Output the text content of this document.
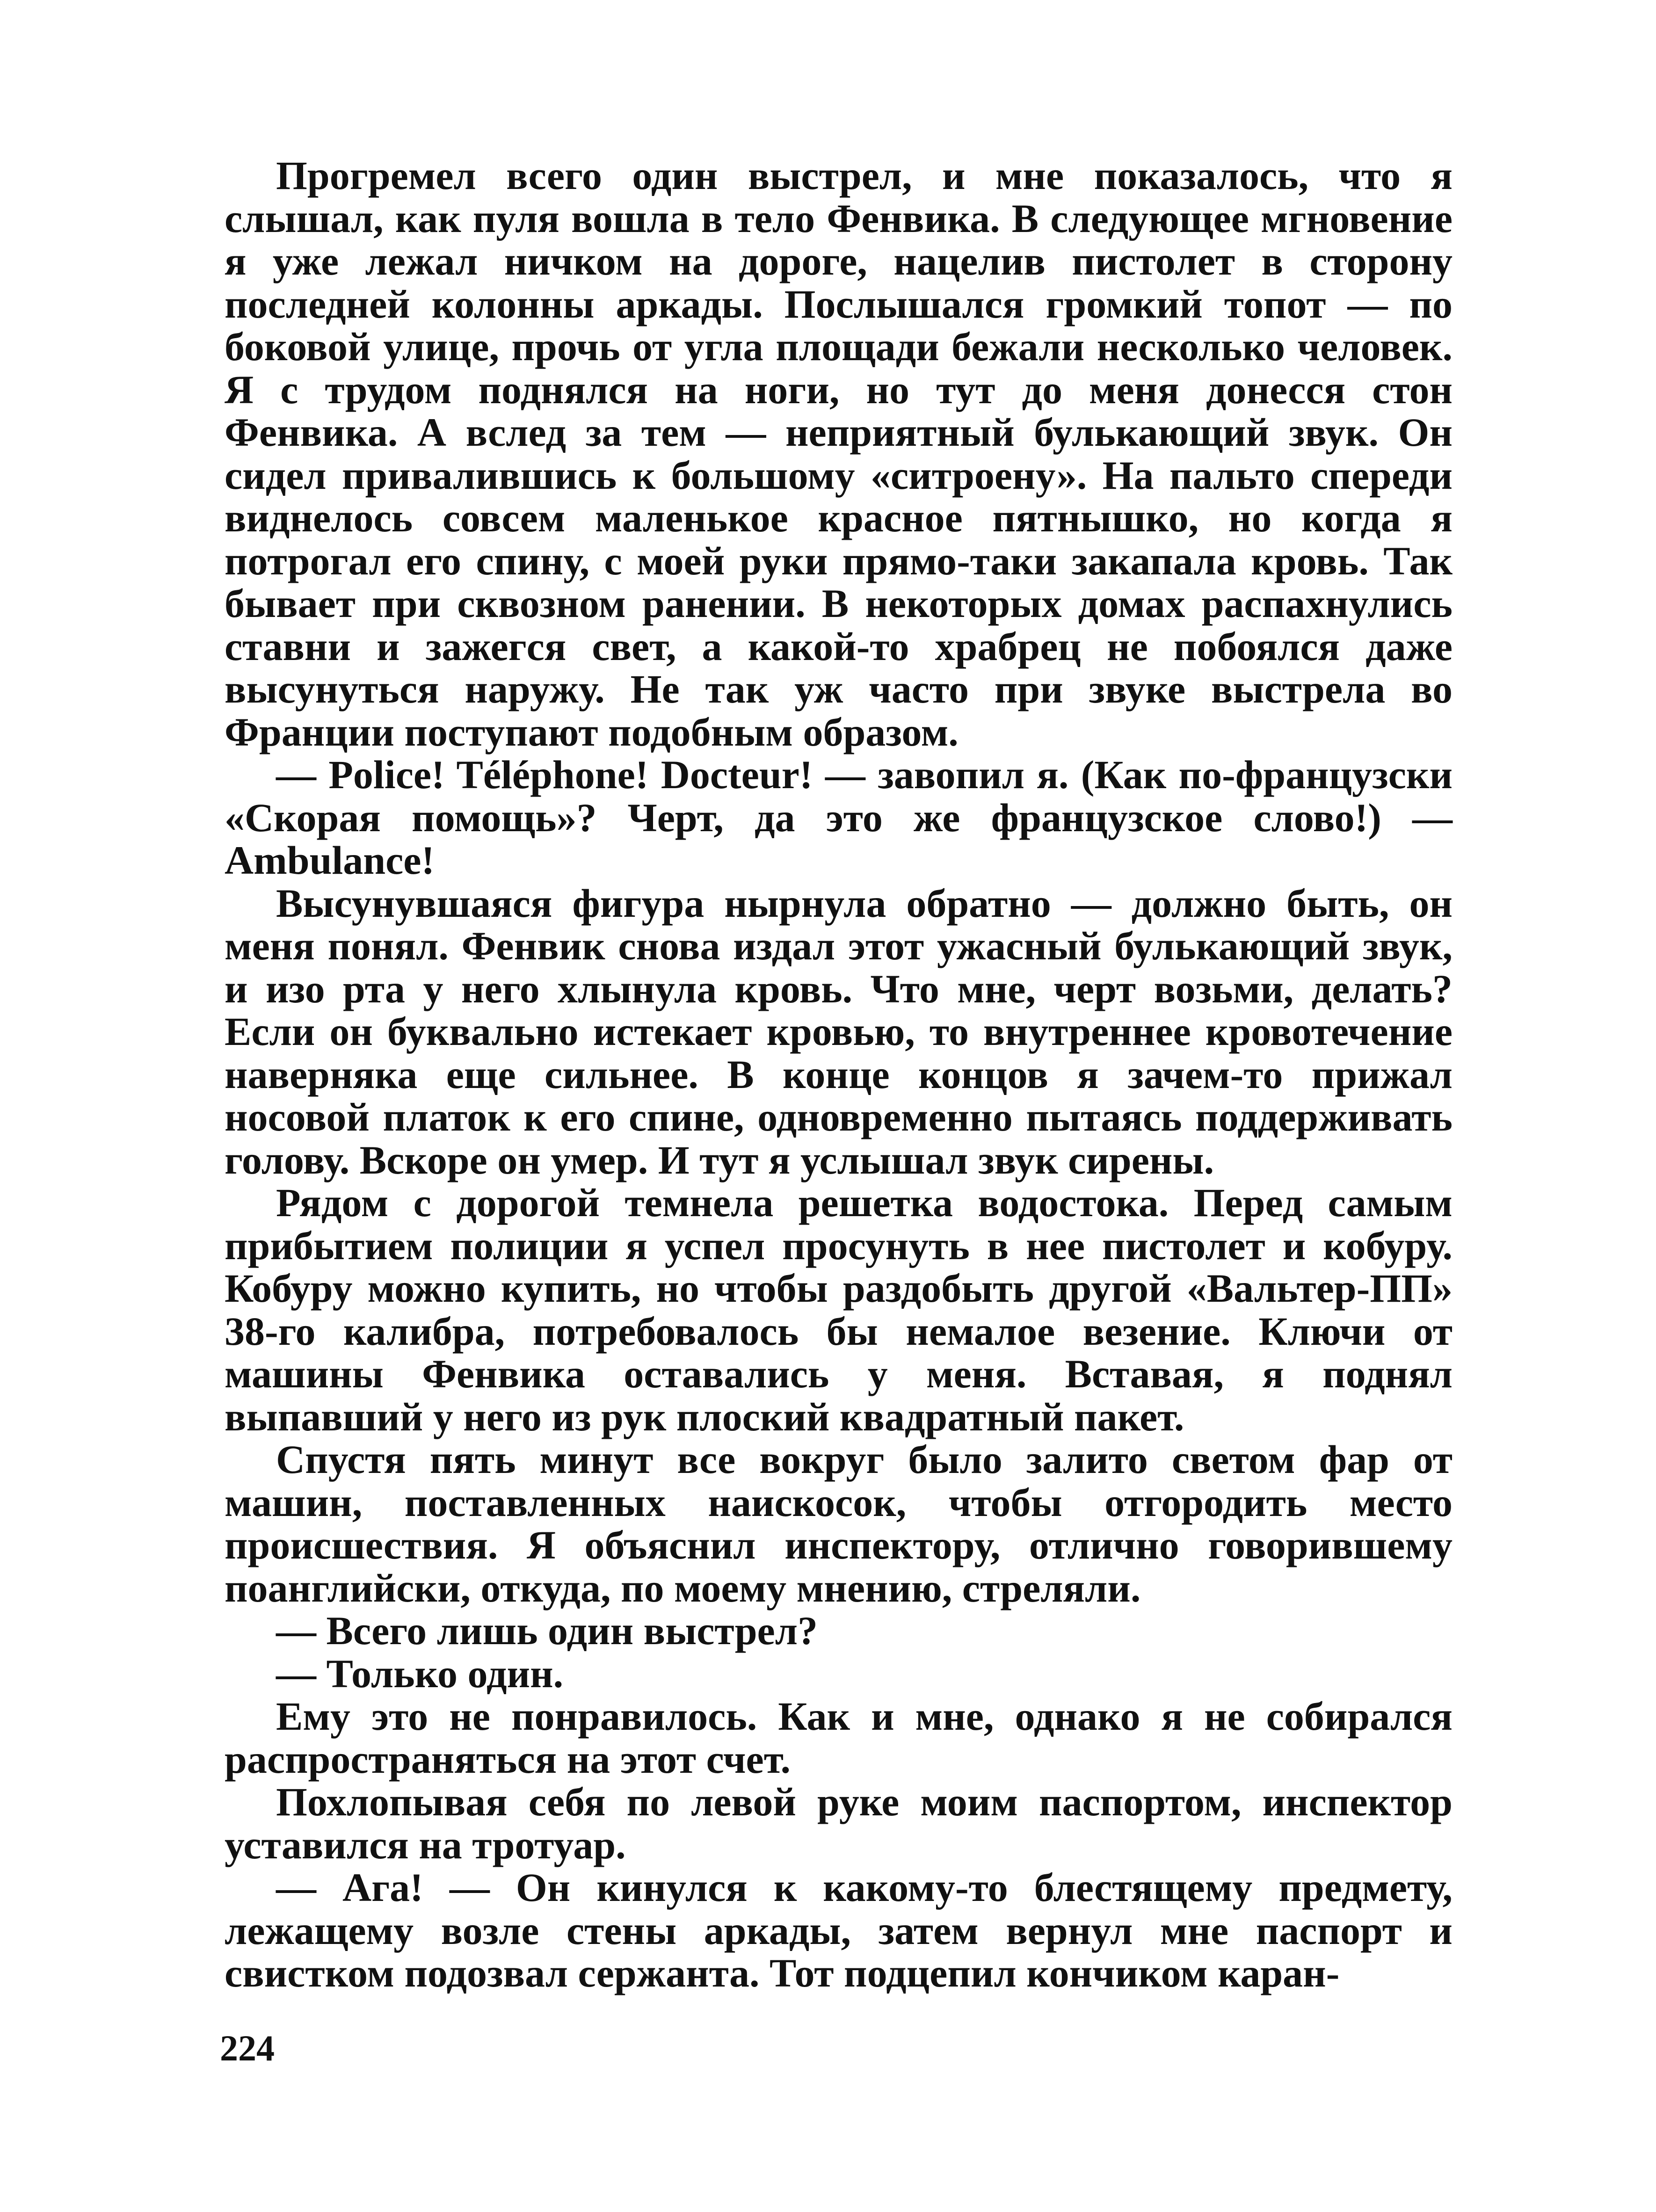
Прогремел всего один выстрел, и мне показалось, что я слышал, как пуля вошла в тело Фенвика. В следующее мгновение я уже лежал ничком на дороге, нацелив пистолет в сторону последней колонны аркады. Послышался громкий топот — по боковой улице, прочь от угла площади бежали несколько человек. Я с трудом поднялся на ноги, но тут до меня донесся стон Фенвика. А вслед за тем — неприятный булькающий звук. Он сидел привалившись к большому «ситроену». На пальто спереди виднелось совсем маленькое красное пятнышко, но когда я потрогал его спину, с моей руки прямо-таки закапала кровь. Так бывает при сквозном ранении. В некоторых домах распахнулись ставни и зажегся свет, а какой-то храбрец не побоялся даже высунуться наружу. Не так уж часто при звуке выстрела во Франции поступают подобным образом.

— Police! Téléphone! Docteur! — завопил я. (Как по-французски «Скорая помощь»? Черт, да это же французское слово!) — Ambulance!

Высунувшаяся фигура нырнула обратно — должно быть, он меня понял. Фенвик снова издал этот ужасный булькающий звук, и изо рта у него хлынула кровь. Что мне, черт возьми, делать? Если он буквально истекает кровью, то внутреннее кровотечение наверняка еще сильнее. В конце концов я зачем-то прижал носовой платок к его спине, одновременно пытаясь поддерживать голову. Вскоре он умер. И тут я услышал звук сирены.

Рядом с дорогой темнела решетка водостока. Перед самым прибытием полиции я успел просунуть в нее пистолет и кобуру. Кобуру можно купить, но чтобы раздобыть другой «Вальтер-ПП» 38-го калибра, потребовалось бы немалое везение. Ключи от машины Фенвика оставались у меня. Вставая, я поднял выпавший у него из рук плоский квадратный пакет.

Спустя пять минут все вокруг было залито светом фар от машин, поставленных наискосок, чтобы отгородить место происшествия. Я объяснил инспектору, отлично говорившему поанглийски, откуда, по моему мнению, стреляли.

— Всего лишь один выстрел?

— Только один.

Ему это не понравилось. Как и мне, однако я не собирался распространяться на этот счет.

Похлопывая себя по левой руке моим паспортом, инспектор уставился на тротуар.

— Ага! — Он кинулся к какому-то блестящему предмету, лежащему возле стены аркады, затем вернул мне паспорт и свистком подозвал сержанта. Тот подцепил кончиком каран-

224
